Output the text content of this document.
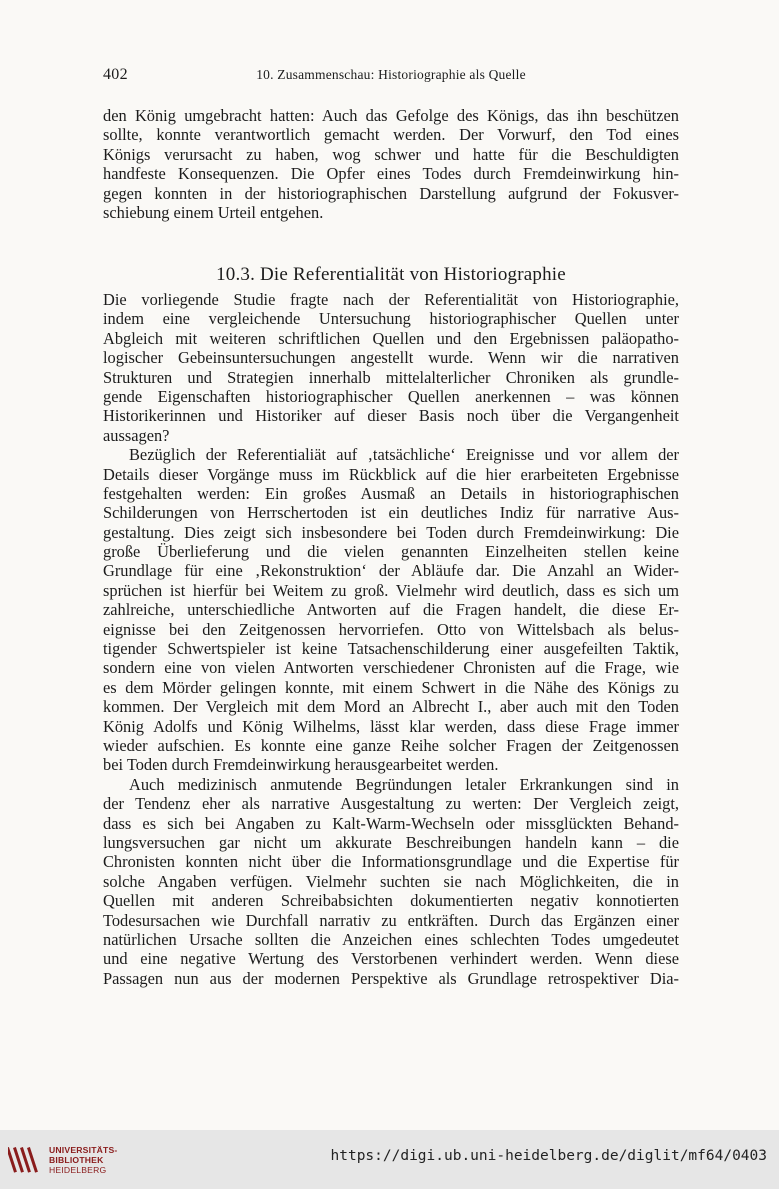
402	10. Zusammenschau: Historiographie als Quelle
den König umgebracht hatten: Auch das Gefolge des Königs, das ihn beschützen
sollte, konnte verantwortlich gemacht werden. Der Vorwurf, den Tod eines
Königs verursacht zu haben, wog schwer und hatte für die Beschuldigten
handfeste Konsequenzen. Die Opfer eines Todes durch Fremdeinwirkung hin-
gegen konnten in der historiographischen Darstellung aufgrund der Fokusver-
schiebung einem Urteil entgehen.
10.3. Die Referentialität von Historiographie
Die vorliegende Studie fragte nach der Referentialität von Historiographie,
indem eine vergleichende Untersuchung historiographischer Quellen unter
Abgleich mit weiteren schriftlichen Quellen und den Ergebnissen paläopatho-
logischer Gebeinsuntersuchungen angestellt wurde. Wenn wir die narrativen
Strukturen und Strategien innerhalb mittelalterlicher Chroniken als grundle-
gende Eigenschaften historiographischer Quellen anerkennen – was können
Historikerinnen und Historiker auf dieser Basis noch über die Vergangenheit
aussagen?
Bezüglich der Referentialiät auf ‚tatsächliche‘ Ereignisse und vor allem der
Details dieser Vorgänge muss im Rückblick auf die hier erarbeiteten Ergebnisse
festgehalten werden: Ein großes Ausmaß an Details in historiographischen
Schilderungen von Herrschertoden ist ein deutliches Indiz für narrative Aus-
gestaltung. Dies zeigt sich insbesondere bei Toden durch Fremdeinwirkung: Die
große Überlieferung und die vielen genannten Einzelheiten stellen keine
Grundlage für eine ‚Rekonstruktion‘ der Abläufe dar. Die Anzahl an Wider-
sprüchen ist hierfür bei Weitem zu groß. Vielmehr wird deutlich, dass es sich um
zahlreiche, unterschiedliche Antworten auf die Fragen handelt, die diese Er-
eignisse bei den Zeitgenossen hervorriefen. Otto von Wittelsbach als belus-
tigender Schwertspieler ist keine Tatsachenschilderung einer ausgefeilten Taktik,
sondern eine von vielen Antworten verschiedener Chronisten auf die Frage, wie
es dem Mörder gelingen konnte, mit einem Schwert in die Nähe des Königs zu
kommen. Der Vergleich mit dem Mord an Albrecht I., aber auch mit den Toden
König Adolfs und König Wilhelms, lässt klar werden, dass diese Frage immer
wieder aufschien. Es konnte eine ganze Reihe solcher Fragen der Zeitgenossen
bei Toden durch Fremdeinwirkung herausgearbeitet werden.
Auch medizinisch anmutende Begründungen letaler Erkrankungen sind in
der Tendenz eher als narrative Ausgestaltung zu werten: Der Vergleich zeigt,
dass es sich bei Angaben zu Kalt-Warm-Wechseln oder missglückten Behand-
lungsversuchen gar nicht um akkurate Beschreibungen handeln kann – die
Chronisten konnten nicht über die Informationsgrundlage und die Expertise für
solche Angaben verfügen. Vielmehr suchten sie nach Möglichkeiten, die in
Quellen mit anderen Schreibabsichten dokumentierten negativ konnotierten
Todesursachen wie Durchfall narrativ zu entkräften. Durch das Ergänzen einer
natürlichen Ursache sollten die Anzeichen eines schlechten Todes umgedeutet
und eine negative Wertung des Verstorbenen verhindert werden. Wenn diese
Passagen nun aus der modernen Perspektive als Grundlage retrospektiver Dia-
UNIVERSITÄTS-
BIBLIOTHEK
HEIDELBERG
https://digi.ub.uni-heidelberg.de/diglit/mf64/0403
